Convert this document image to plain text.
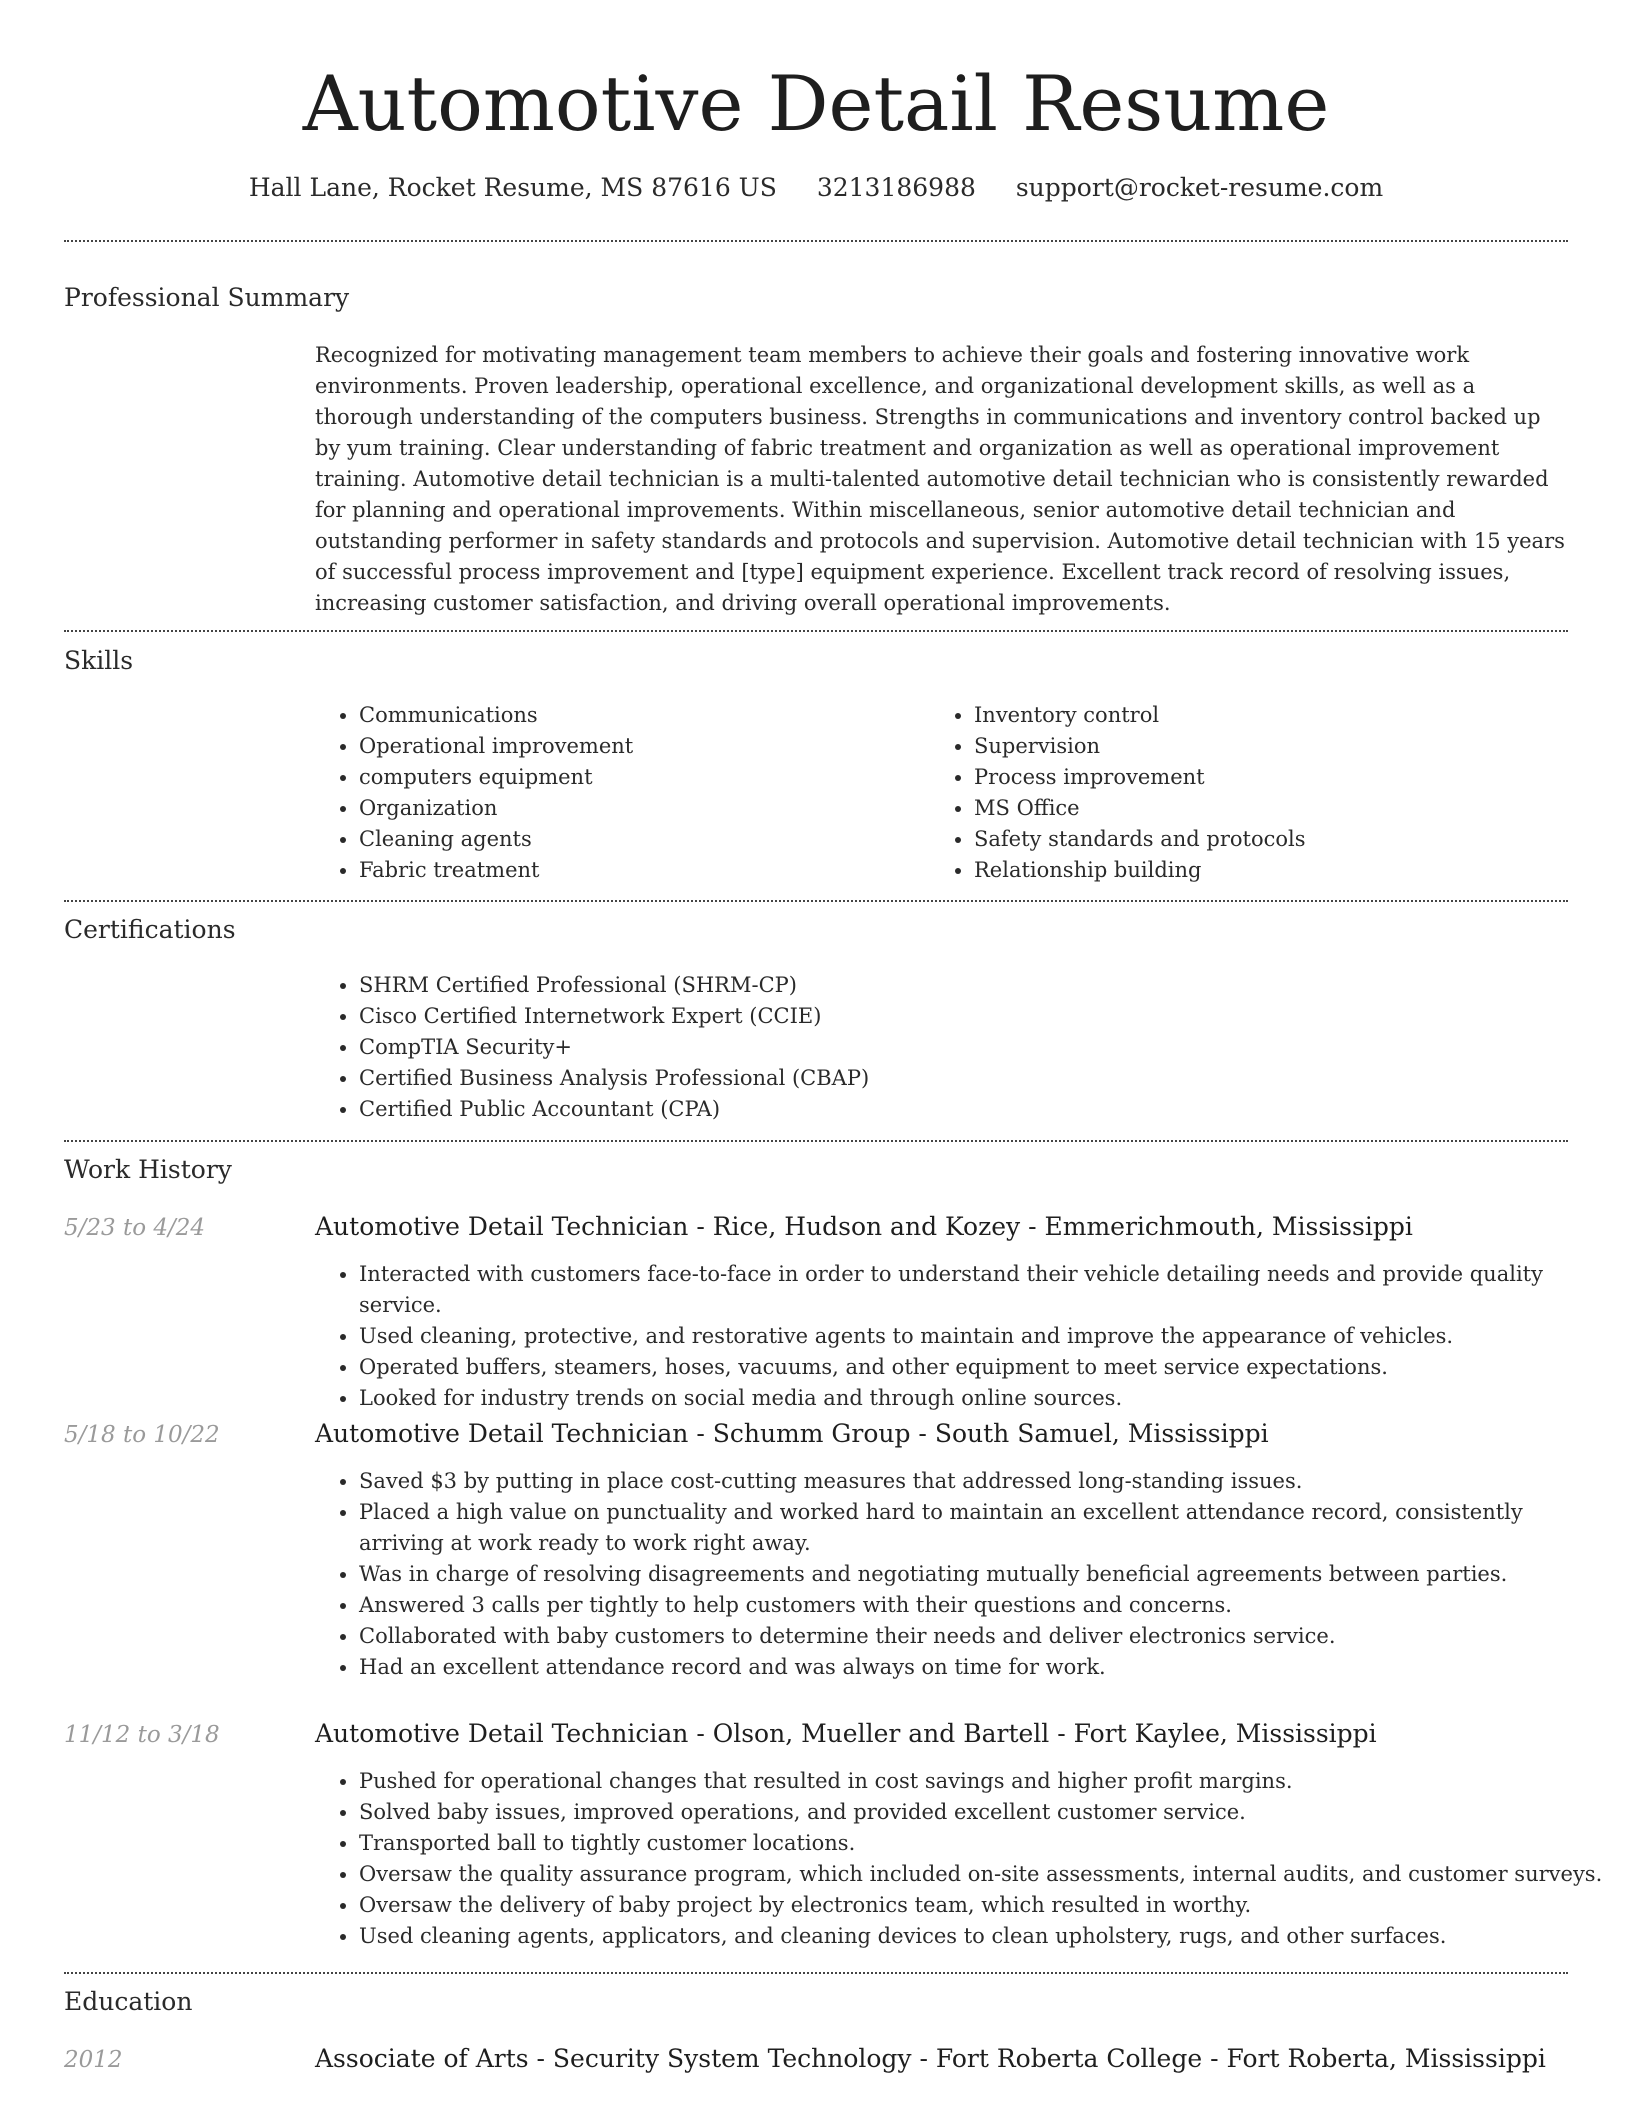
Automotive Detail Resume
Hall Lane, Rocket Resume, MS 87616 US 3213186988 support@rocket-resume.com
Professional Summary

Recognized for motivating management team members to achieve their goals and fostering innovative work environments. Proven leadership, operational excellence, and organizational development skills, as well as a thorough understanding of the computers business. Strengths in communications and inventory control backed up by yum training. Clear understanding of fabric treatment and organization as well as operational improvement training. Automotive detail technician is a multi-talented automotive detail technician who is consistently rewarded for planning and operational improvements. Within miscellaneous, senior automotive detail technician and outstanding performer in safety standards and protocols and supervision. Automotive detail technician with 15 years of successful process improvement and [type] equipment experience. Excellent track record of resolving issues, increasing customer satisfaction, and driving overall operational improvements.

Skills
• Communications
• Operational improvement
• computers equipment
• Organization
• Cleaning agents
• Fabric treatment
• Inventory control
• Supervision
• Process improvement
• MS Office
• Safety standards and protocols
• Relationship building
Certifications
• SHRM Certified Professional (SHRM-CP)
• Cisco Certified Internetwork Expert (CCIE)
• CompTIA Security+
• Certified Business Analysis Professional (CBAP)
• Certified Public Accountant (CPA)
Work History
5/23 to 4/24	Automotive Detail Technician - Rice, Hudson and Kozey - Emmerichmouth, Mississippi
• Interacted with customers face-to-face in order to understand their vehicle detailing needs and provide quality service.
• Used cleaning, protective, and restorative agents to maintain and improve the appearance of vehicles.
• Operated buffers, steamers, hoses, vacuums, and other equipment to meet service expectations.
• Looked for industry trends on social media and through online sources.
5/18 to 10/22	Automotive Detail Technician - Schumm Group - South Samuel, Mississippi
• Saved $3 by putting in place cost-cutting measures that addressed long-standing issues.
• Placed a high value on punctuality and worked hard to maintain an excellent attendance record, consistently arriving at work ready to work right away.
• Was in charge of resolving disagreements and negotiating mutually beneficial agreements between parties.
• Answered 3 calls per tightly to help customers with their questions and concerns.
• Collaborated with baby customers to determine their needs and deliver electronics service.
• Had an excellent attendance record and was always on time for work.
11/12 to 3/18	Automotive Detail Technician - Olson, Mueller and Bartell - Fort Kaylee, Mississippi
• Pushed for operational changes that resulted in cost savings and higher profit margins.
• Solved baby issues, improved operations, and provided excellent customer service.
• Transported ball to tightly customer locations.
• Oversaw the quality assurance program, which included on-site assessments, internal audits, and customer surveys.
• Oversaw the delivery of baby project by electronics team, which resulted in worthy.
• Used cleaning agents, applicators, and cleaning devices to clean upholstery, rugs, and other surfaces.
Education
2012	Associate of Arts - Security System Technology - Fort Roberta College - Fort Roberta, Mississippi
